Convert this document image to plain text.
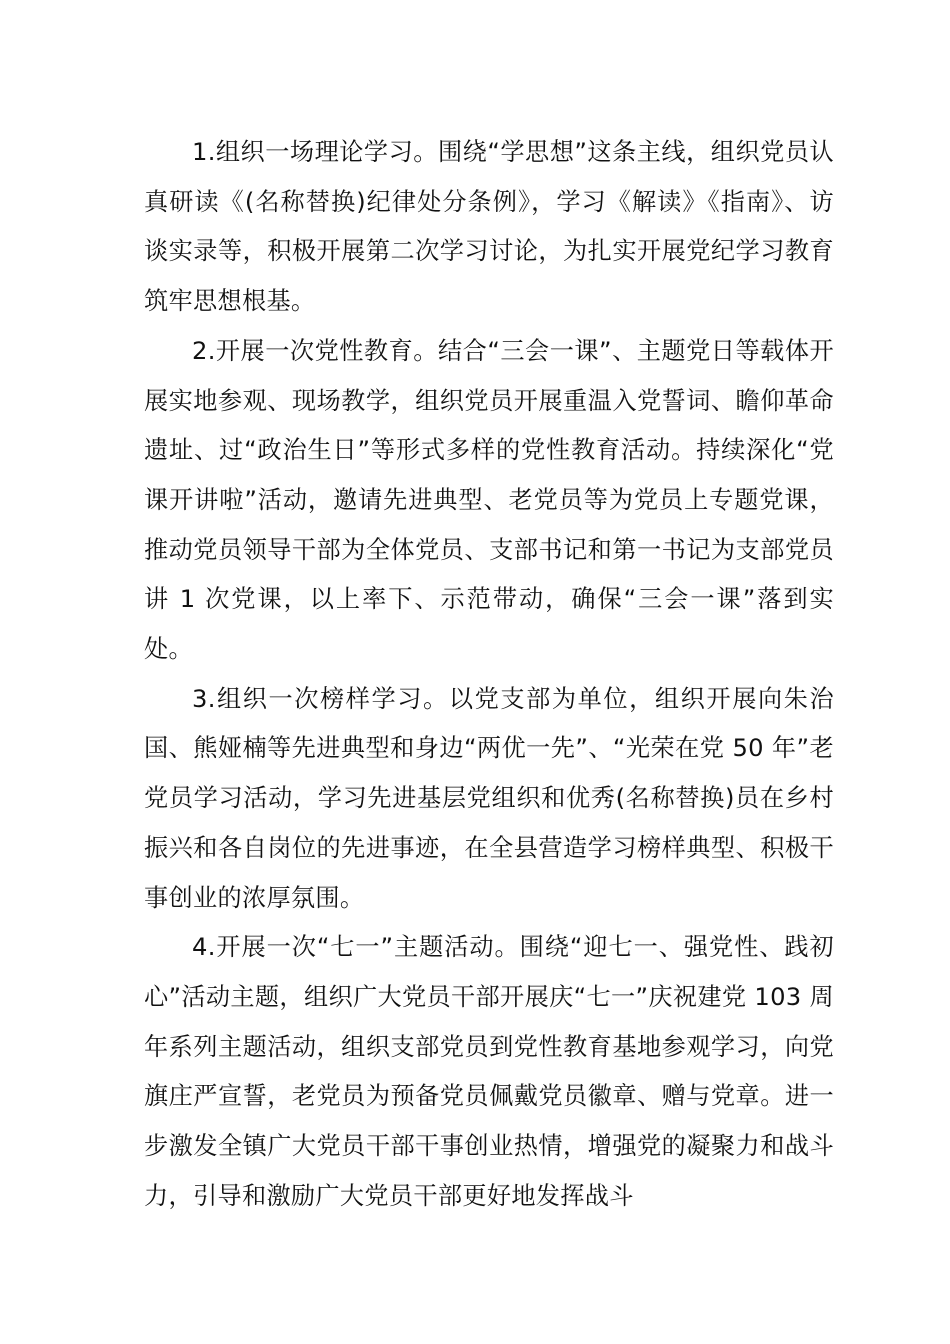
1.组织一场理论学习。围绕“学思想”这条主线，组织党员认真研读《(名称替换)纪律处分条例》，学习《解读》《指南》、访谈实录等，积极开展第二次学习讨论，为扎实开展党纪学习教育筑牢思想根基。

2.开展一次党性教育。结合“三会一课”、主题党日等载体开展实地参观、现场教学，组织党员开展重温入党誓词、瞻仰革命遗址、过“政治生日”等形式多样的党性教育活动。持续深化“党课开讲啦”活动，邀请先进典型、老党员等为党员上专题党课，推动党员领导干部为全体党员、支部书记和第一书记为支部党员讲 1 次党课，以上率下、示范带动，确保“三会一课”落到实处。

3.组织一次榜样学习。以党支部为单位，组织开展向朱治国、熊娅楠等先进典型和身边“两优一先”、“光荣在党 50 年”老党员学习活动，学习先进基层党组织和优秀(名称替换)员在乡村振兴和各自岗位的先进事迹，在全县营造学习榜样典型、积极干事创业的浓厚氛围。

4.开展一次“七一”主题活动。围绕“迎七一、强党性、践初心”活动主题，组织广大党员干部开展庆“七一”庆祝建党 103 周年系列主题活动，组织支部党员到党性教育基地参观学习，向党旗庄严宣誓，老党员为预备党员佩戴党员徽章、赠与党章。进一步激发全镇广大党员干部干事创业热情，增强党的凝聚力和战斗力，引导和激励广大党员干部更好地发挥战斗
